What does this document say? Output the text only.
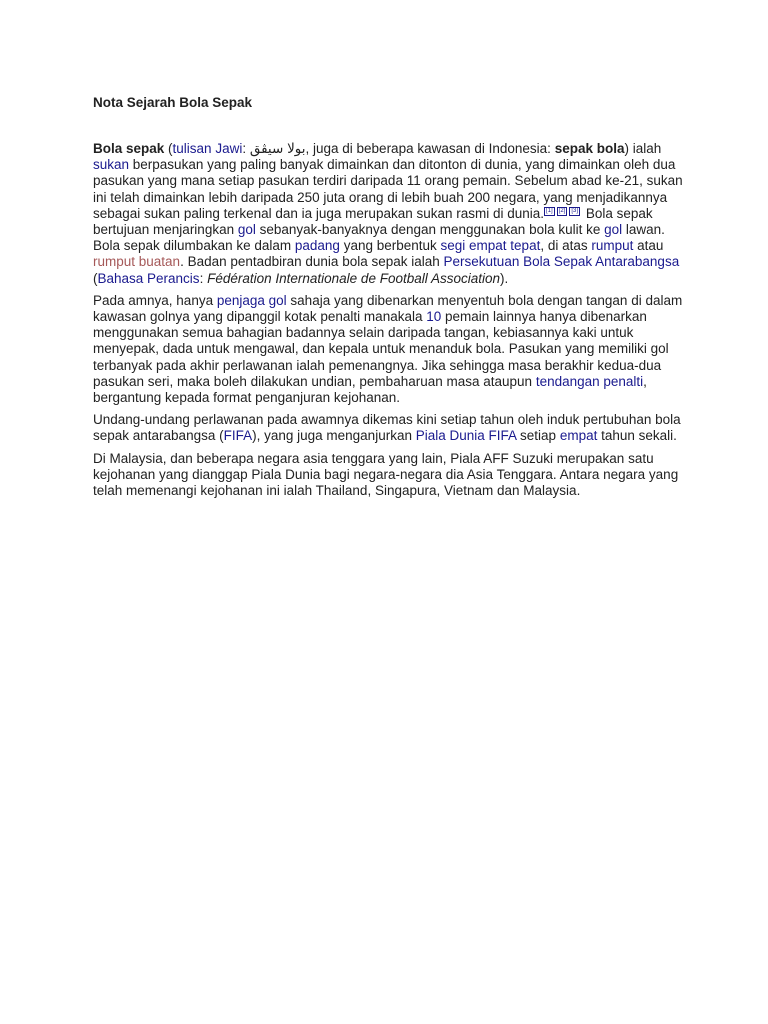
Nota Sejarah Bola Sepak

Bola sepak (tulisan Jawi: بولا سيڤق, juga di beberapa kawasan di Indonesia: sepak bola) ialah sukan berpasukan yang paling banyak dimainkan dan ditonton di dunia, yang dimainkan oleh dua pasukan yang mana setiap pasukan terdiri daripada 11 orang pemain. Sebelum abad ke-21, sukan ini telah dimainkan lebih daripada 250 juta orang di lebih buah 200 negara, yang menjadikannya sebagai sukan paling terkenal dan ia juga merupakan sukan rasmi di dunia. [1] [2] [3] Bola sepak bertujuan menjaringkan gol sebanyak-banyaknya dengan menggunakan bola kulit ke gol lawan. Bola sepak dilumbakan ke dalam padang yang berbentuk segi empat tepat, di atas rumput atau rumput buatan. Badan pentadbiran dunia bola sepak ialah Persekutuan Bola Sepak Antarabangsa (Bahasa Perancis: Fédération Internationale de Football Association).

Pada amnya, hanya penjaga gol sahaja yang dibenarkan menyentuh bola dengan tangan di dalam kawasan golnya yang dipanggil kotak penalti manakala 10 pemain lainnya hanya dibenarkan menggunakan semua bahagian badannya selain daripada tangan, kebiasannya kaki untuk menyepak, dada untuk mengawal, dan kepala untuk menanduk bola. Pasukan yang memiliki gol terbanyak pada akhir perlawanan ialah pemenangnya. Jika sehingga masa berakhir kedua-dua pasukan seri, maka boleh dilakukan undian, pembaharuan masa ataupun tendangan penalti, bergantung kepada format penganjuran kejohanan.

Undang-undang perlawanan pada awamnya dikemas kini setiap tahun oleh induk pertubuhan bola sepak antarabangsa (FIFA), yang juga menganjurkan Piala Dunia FIFA setiap empat tahun sekali.

Di Malaysia, dan beberapa negara asia tenggara yang lain, Piala AFF Suzuki merupakan satu kejohanan yang dianggap Piala Dunia bagi negara-negara dia Asia Tenggara. Antara negara yang telah memenangi kejohanan ini ialah Thailand, Singapura, Vietnam dan Malaysia.
